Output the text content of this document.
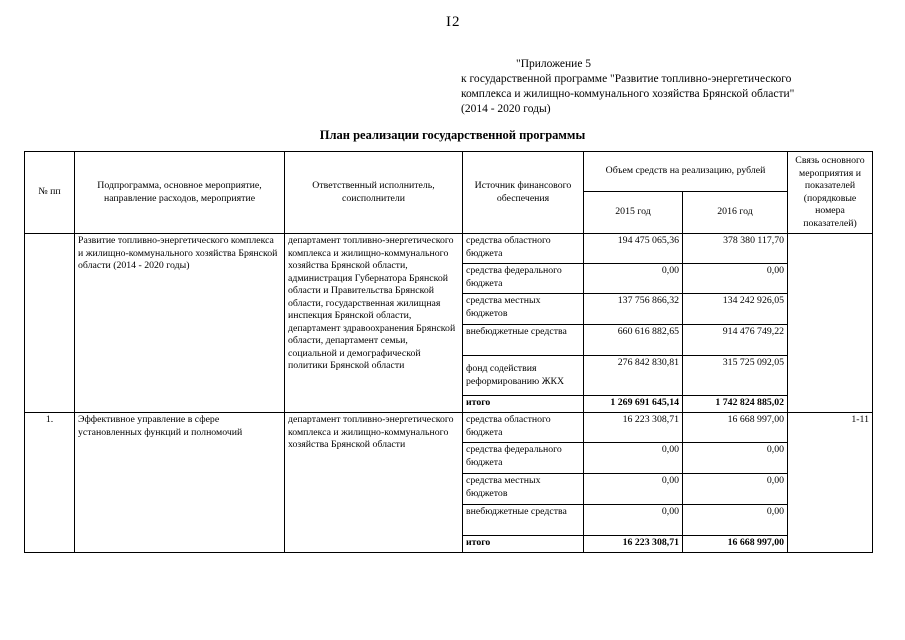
I2
"Приложение 5
к государственной программе "Развитие топливно-энергетического
комплекса и жилищно-коммунального хозяйства Брянской области"
(2014 - 2020 годы)
План реализации государственной программы
№ пп	Подпрограмма, основное мероприятие, направление расходов, мероприятие	Ответственный исполнитель, соисполнители	Источник финансового обеспечения	Объем средств на реализацию, рублей		Связь основного мероприятия и показателей (порядковые номера показателей)
				2015 год	2016 год	
	Развитие топливно-энергетического комплекса и жилищно-коммунального хозяйства Брянской области (2014 - 2020 годы)	департамент топливно-энергетического комплекса и жилищно-коммунального хозяйства Брянской области, администрация Губернатора Брянской области и Правительства Брянской области, государственная жилищная инспекция Брянской области, департамент здравоохранения Брянской области, департамент семьи, социальной и демографической политики Брянской области	средства областного бюджета	194 475 065,36	378 380 117,70	
			средства федерального бюджета	0,00	0,00	
			средства местных бюджетов	137 756 866,32	134 242 926,05	
			внебюджетные средства	660 616 882,65	914 476 749,22	
			фонд содействия реформированию ЖКХ	276 842 830,81	315 725 092,05	
			итого	1 269 691 645,14	1 742 824 885,02	
1.	Эффективное управление в сфере установленных функций и полномочий	департамент топливно-энергетического комплекса и жилищно-коммунального хозяйства Брянской области	средства областного бюджета	16 223 308,71	16 668 997,00	1-11
			средства федерального бюджета	0,00	0,00	
			средства местных бюджетов	0,00	0,00	
			внебюджетные средства	0,00	0,00	
			итого	16 223 308,71	16 668 997,00	
